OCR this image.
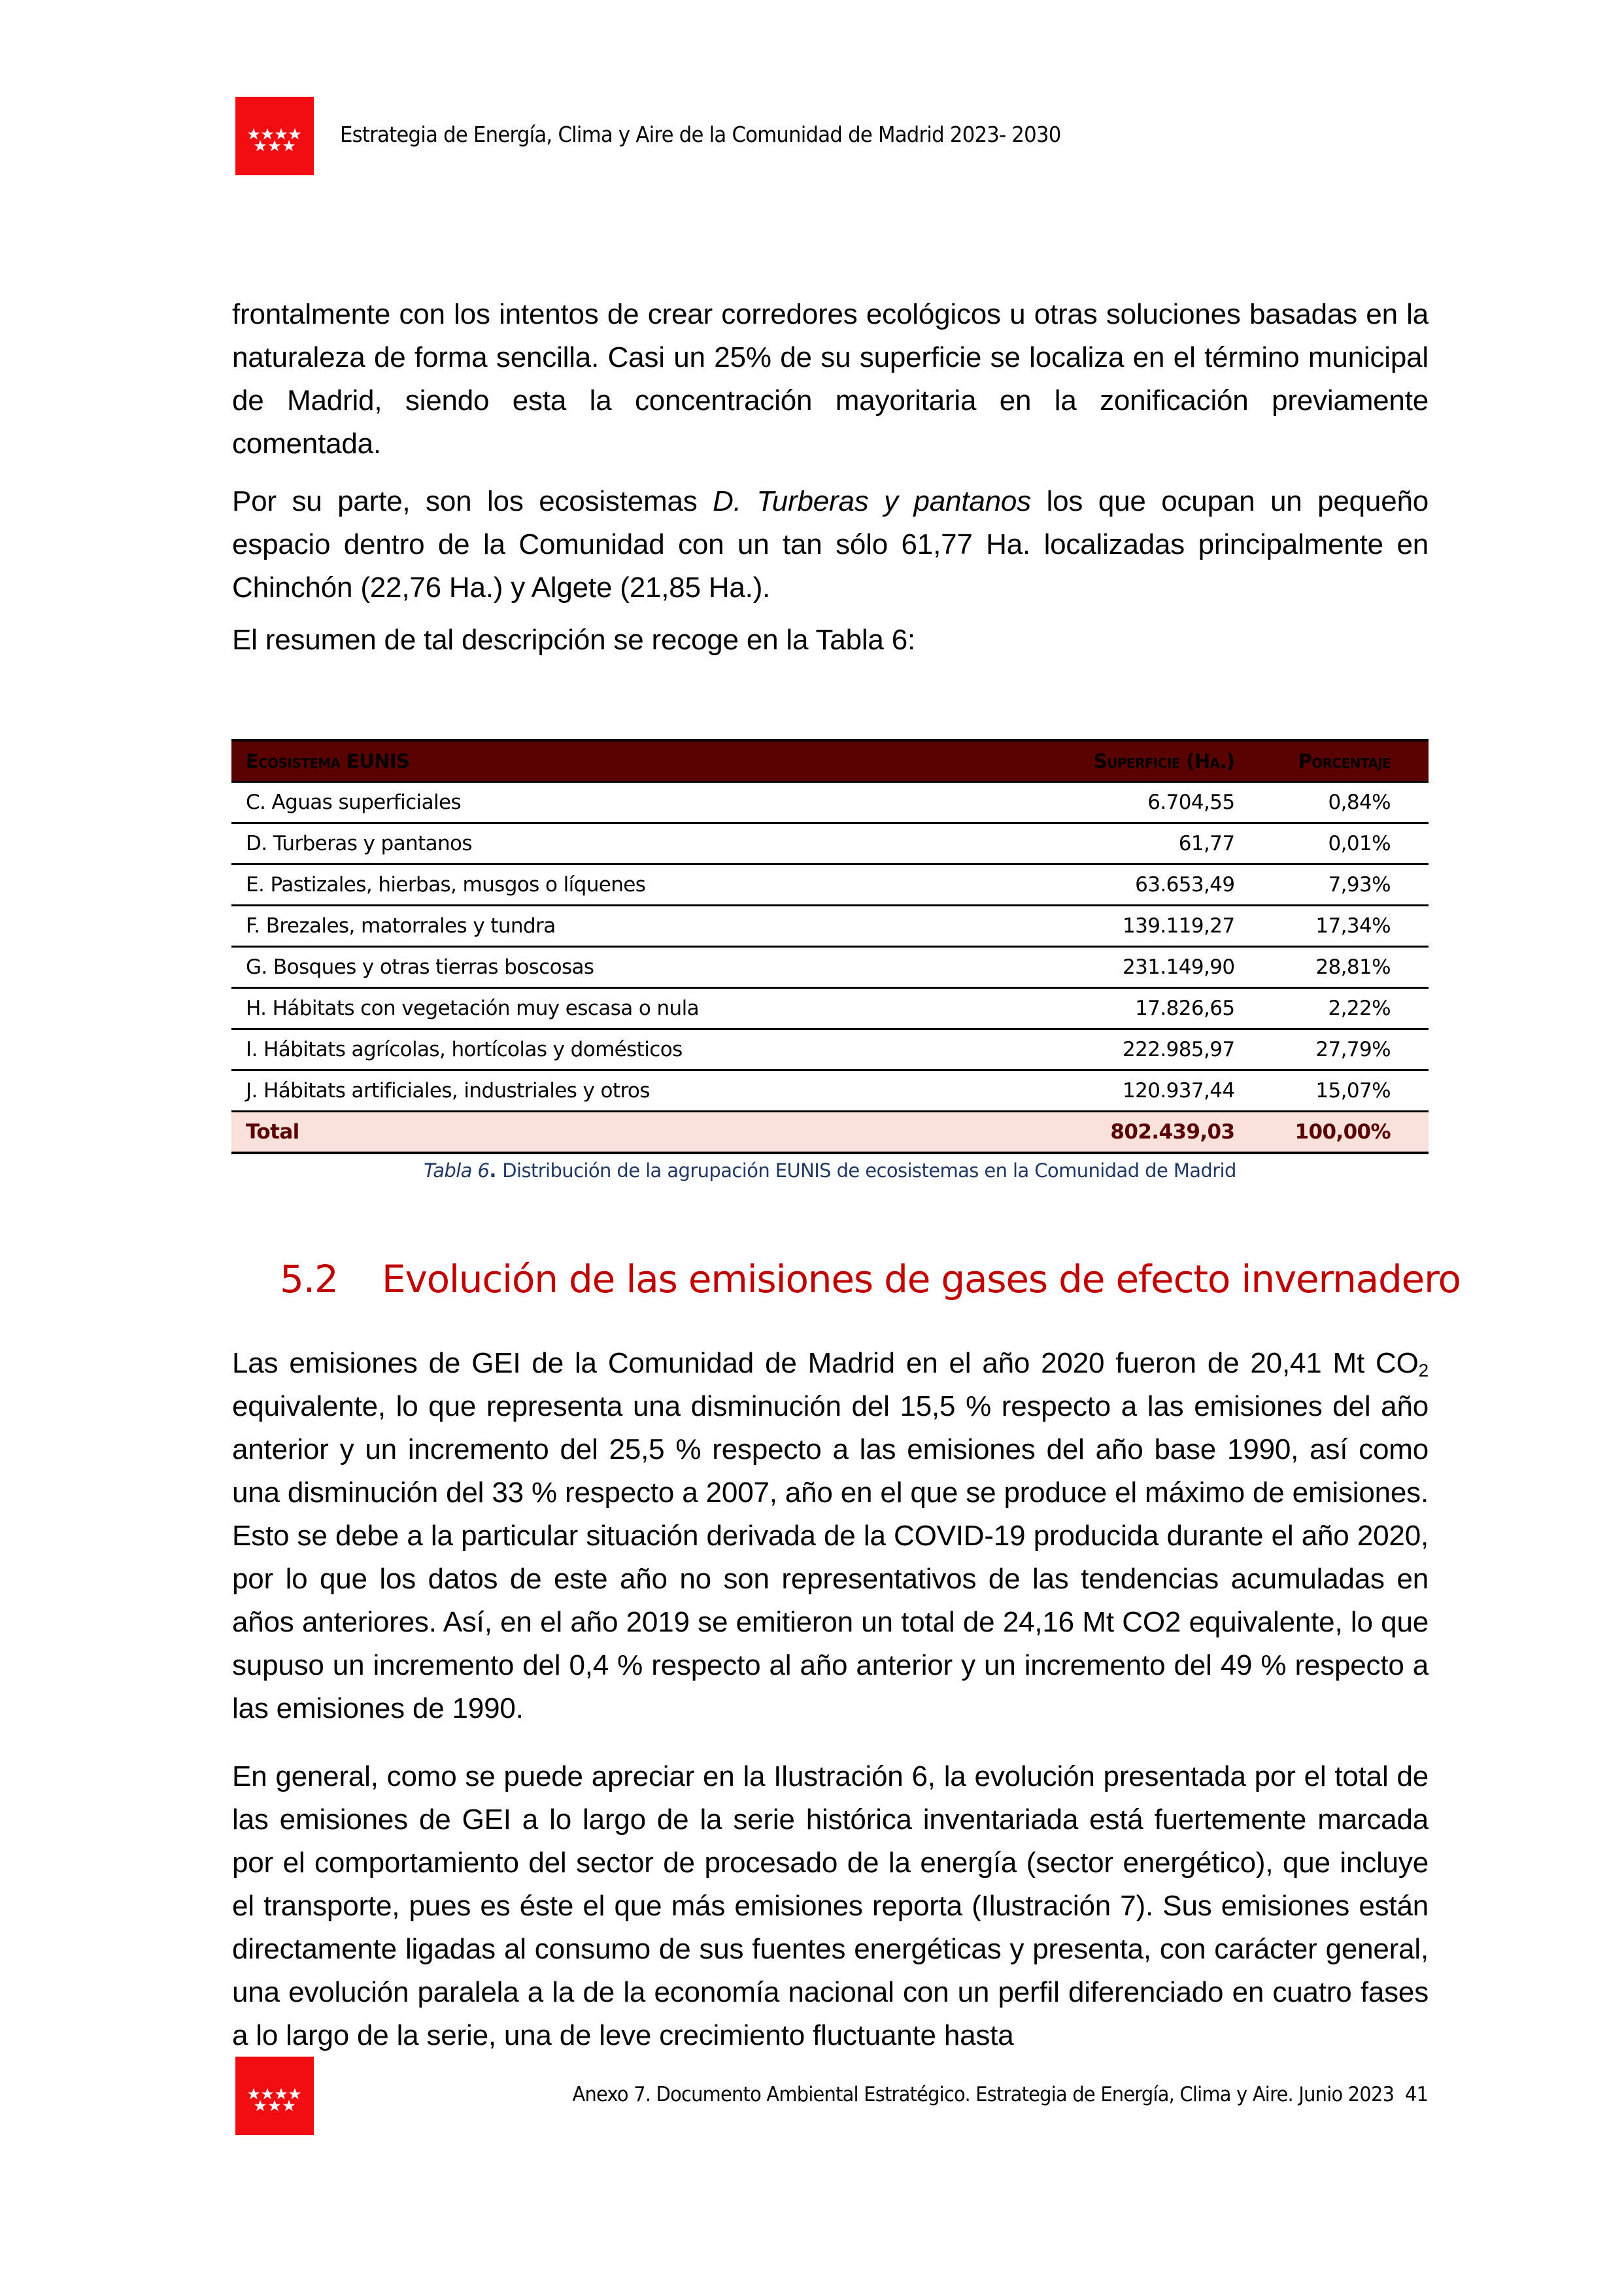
Estrategia de Energía, Clima y Aire de la Comunidad de Madrid 2023- 2030

frontalmente con los intentos de crear corredores ecológicos u otras soluciones basadas en la naturaleza de forma sencilla. Casi un 25% de su superficie se localiza en el término municipal de Madrid, siendo esta la concentración mayoritaria en la zonificación previamente comentada.

Por su parte, son los ecosistemas D. Turberas y pantanos los que ocupan un pequeño espacio dentro de la Comunidad con un tan sólo 61,77 Ha. localizadas principalmente en Chinchón (22,76 Ha.) y Algete (21,85 Ha.).

El resumen de tal descripción se recoge en la Tabla 6:

Ecosistema EUNIS	Superficie (Ha.)	Porcentaje
C. Aguas superficiales	6.704,55	0,84%
D. Turberas y pantanos	61,77	0,01%
E. Pastizales, hierbas, musgos o líquenes	63.653,49	7,93%
F. Brezales, matorrales y tundra	139.119,27	17,34%
G. Bosques y otras tierras boscosas	231.149,90	28,81%
H. Hábitats con vegetación muy escasa o nula	17.826,65	2,22%
I. Hábitats agrícolas, hortícolas y domésticos	222.985,97	27,79%
J. Hábitats artificiales, industriales y otros	120.937,44	15,07%
Total	802.439,03	100,00%
Tabla 6. Distribución de la agrupación EUNIS de ecosistemas en la Comunidad de Madrid
5.2 Evolución de las emisiones de gases de efecto invernadero

Las emisiones de GEI de la Comunidad de Madrid en el año 2020 fueron de 20,41 Mt $CO_2$ equivalente, lo que representa una disminución del 15,5 % respecto a las emisiones del año anterior y un incremento del 25,5 % respecto a las emisiones del año base 1990, así como una disminución del 33 % respecto a 2007, año en el que se produce el máximo de emisiones. Esto se debe a la particular situación derivada de la COVID-19 producida durante el año 2020, por lo que los datos de este año no son representativos de las tendencias acumuladas en años anteriores. Así, en el año 2019 se emitieron un total de 24,16 Mt CO2 equivalente, lo que supuso un incremento del 0,4 % respecto al año anterior y un incremento del 49 % respecto a las emisiones de 1990.

En general, como se puede apreciar en la Ilustración 6, la evolución presentada por el total de las emisiones de GEI a lo largo de la serie histórica inventariada está fuertemente marcada por el comportamiento del sector de procesado de la energía (sector energético), que incluye el transporte, pues es éste el que más emisiones reporta (Ilustración 7). Sus emisiones están directamente ligadas al consumo de sus fuentes energéticas y presenta, con carácter general, una evolución paralela a la de la economía nacional con un perfil diferenciado en cuatro fases a lo largo de la serie, una de leve crecimiento fluctuante hasta

Anexo 7. Documento Ambiental Estratégico. Estrategia de Energía, Clima y Aire. Junio 2023 41
